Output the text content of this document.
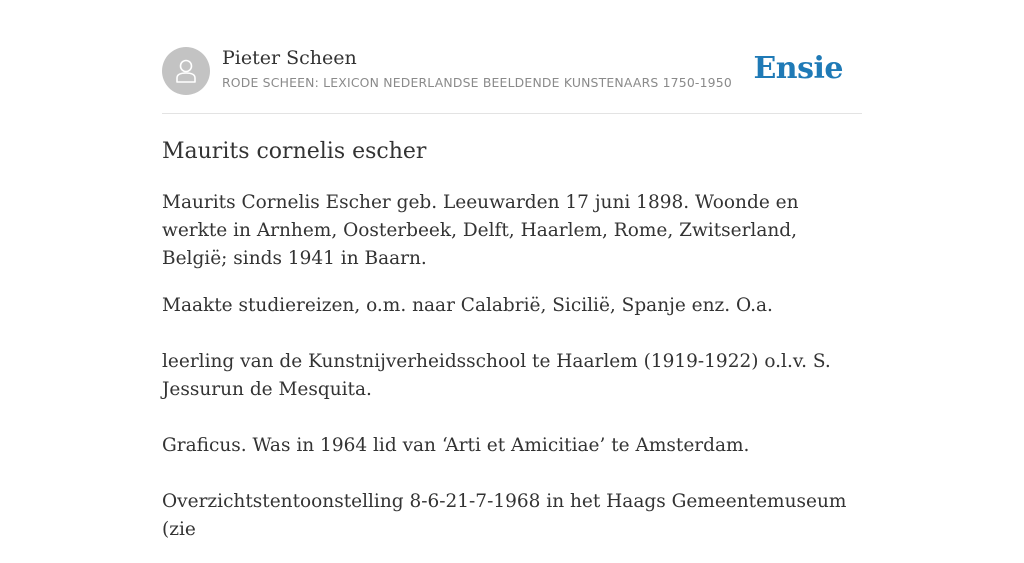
Pieter Scheen
RODE SCHEEN: LEXICON NEDERLANDSE BEELDENDE KUNSTENAARS 1750-1950 Ensie
Maurits cornelis escher

Maurits Cornelis Escher geb. Leeuwarden 17 juni 1898. Woonde en werkte in Arnhem, Oosterbeek, Delft, Haarlem, Rome, Zwitserland, België; sinds 1941 in Baarn.

Maakte studiereizen, o.m. naar Calabrië, Sicilië, Spanje enz. O.a.

leerling van de Kunstnijverheidsschool te Haarlem (1919-1922) o.l.v. S. Jessurun de Mesquita.

Graficus. Was in 1964 lid van ‘Arti et Amicitiae’ te Amsterdam.

Overzichtstentoonstelling 8-6-21-7-1968 in het Haags Gemeentemuseum (zie
